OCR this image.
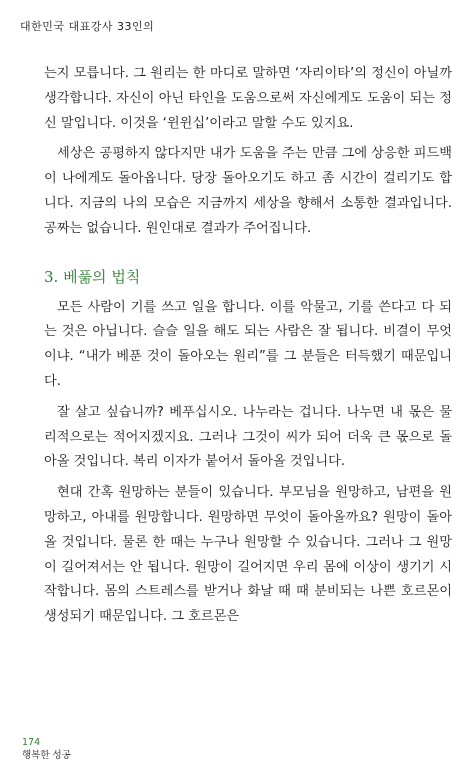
대한민국 대표강사 33인의

는지 모릅니다. 그 원리는 한 마디로 말하면 ‘자리이타’의 정신이 아닐까 생각합니다. 자신이 아닌 타인을 도움으로써 자신에게도 도움이 되는 정신 말입니다. 이것을 ‘윈윈십’이라고 말할 수도 있지요.

세상은 공평하지 않다지만 내가 도움을 주는 만큼 그에 상응한 피드백이 나에게도 돌아옵니다. 당장 돌아오기도 하고 좀 시간이 걸리기도 합니다. 지금의 나의 모습은 지금까지 세상을 향해서 소통한 결과입니다. 공짜는 없습니다. 원인대로 결과가 주어집니다.

3. 베풂의 법칙

모든 사람이 기를 쓰고 일을 합니다. 이를 악물고, 기를 쓴다고 다 되는 것은 아닙니다. 슬슬 일을 해도 되는 사람은 잘 됩니다. 비결이 무엇이냐. “내가 베푼 것이 돌아오는 원리”를 그 분들은 터득했기 때문입니다.

잘 살고 싶습니까? 베푸십시오. 나누라는 겁니다. 나누면 내 몫은 물리적으로는 적어지겠지요. 그러나 그것이 씨가 되어 더욱 큰 몫으로 돌아올 것입니다. 복리 이자가 붙어서 돌아올 것입니다.

현대 간혹 원망하는 분들이 있습니다. 부모님을 원망하고, 남편을 원망하고, 아내를 원망합니다. 원망하면 무엇이 돌아올까요? 원망이 돌아올 것입니다. 물론 한 때는 누구나 원망할 수 있습니다. 그러나 그 원망이 길어져서는 안 됩니다. 원망이 길어지면 우리 몸에 이상이 생기기 시작합니다. 몸의 스트레스를 받거나 화날 때 때 분비되는 나쁜 호르몬이 생성되기 때문입니다. 그 호르몬은

174
행복한 성공
